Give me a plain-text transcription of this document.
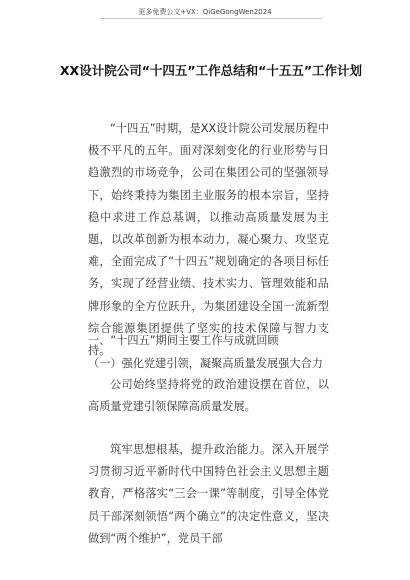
更多免费公文+VX：QiGeGongWen2024
XX设计院公司“十四五”工作总结和“十五五”工作计划

“十四五”时期，是XX设计院公司发展历程中极不平凡的五年。面对深刻变化的行业形势与日趋激烈的市场竞争，公司在集团公司的坚强领导下，始终秉持为集团主业服务的根本宗旨，坚持稳中求进工作总基调，以推动高质量发展为主题，以改革创新为根本动力，凝心聚力、攻坚克难，全面完成了“十四五”规划确定的各项目标任务，实现了经营业绩、技术实力、管理效能和品牌形象的全方位跃升，为集团建设全国一流新型综合能源集团提供了坚实的技术保障与智力支持。

一、“十四五”期间主要工作与成就回顾

（一）强化党建引领，凝聚高质量发展强大合力

公司始终坚持将党的政治建设摆在首位，以高质量党建引领保障高质量发展。

筑牢思想根基，提升政治能力。深入开展学习贯彻习近平新时代中国特色社会主义思想主题教育，严格落实“三会一课”等制度，引导全体党员干部深刻领悟“两个确立”的决定性意义，坚决做到“两个维护”，党员干部
